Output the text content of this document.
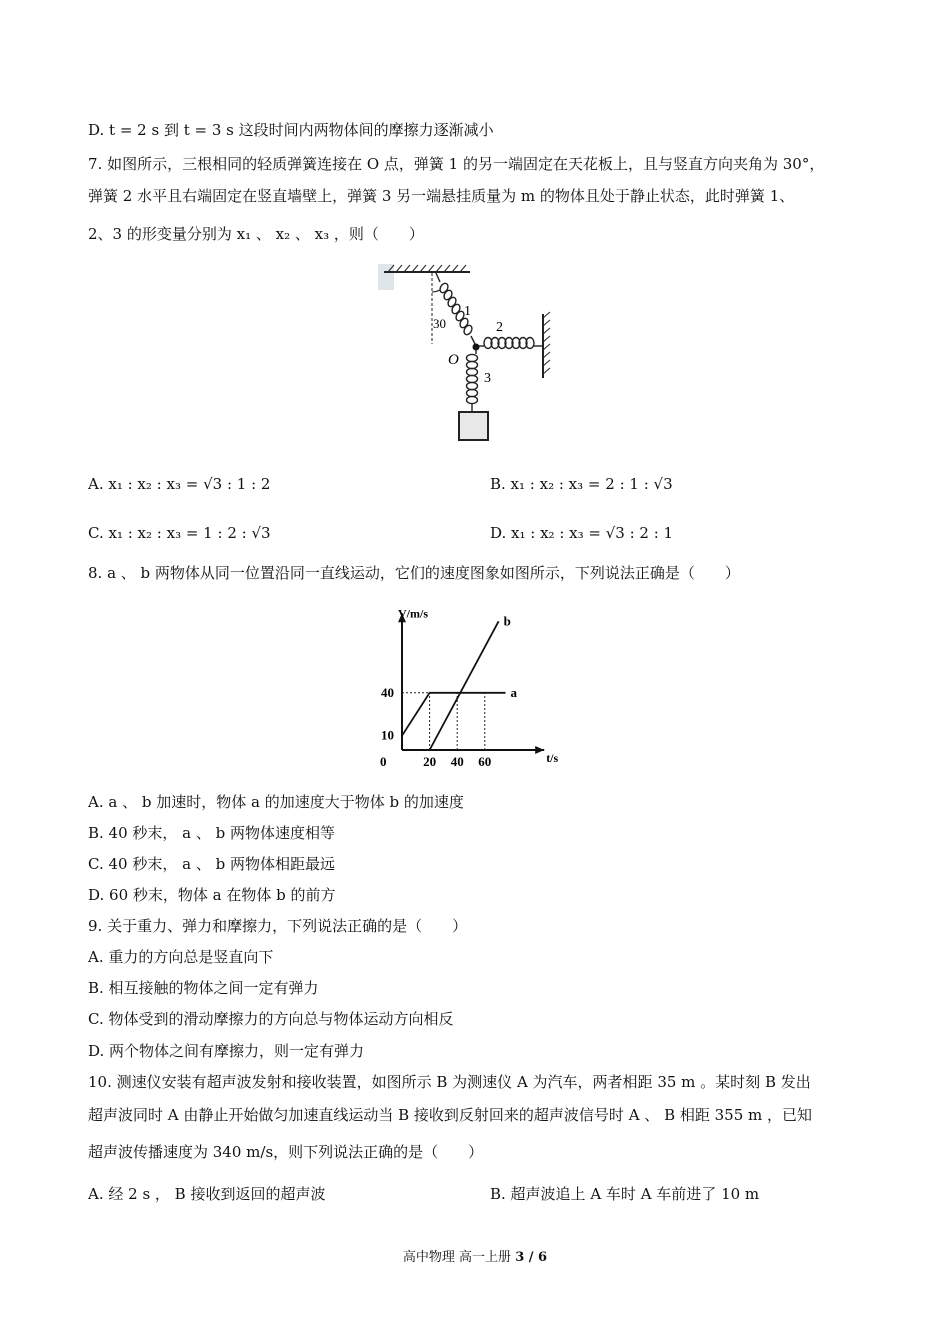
D. t = 2 s 到 t = 3 s 这段时间内两物体间的摩擦力逐渐减小
7. 如图所示，三根相同的轻质弹簧连接在 O 点，弹簧 1 的另一端固定在天花板上，且与竖直方向夹角为 30°，
弹簧 2 水平且右端固定在竖直墙壁上，弹簧 3 另一端悬挂质量为 m 的物体且处于静止状态，此时弹簧 1、
2、3 的形变量分别为 x₁ 、 x₂ 、 x₃ ，则（　　）
30
1
2
O
3
A. x₁ : x₂ : x₃ = √3 : 1 : 2	B. x₁ : x₂ : x₃ = 2 : 1 : √3
C. x₁ : x₂ : x₃ = 1 : 2 : √3	D. x₁ : x₂ : x₃ = √3 : 2 : 1
8. a 、 b 两物体从同一位置沿同一直线运动，它们的速度图象如图所示，下列说法正确是（　　）
V/m/s
t/s
0	20 40 60
10
40	a
b
A. a 、 b 加速时，物体 a 的加速度大于物体 b 的加速度
B. 40 秒末， a 、 b 两物体速度相等
C. 40 秒末， a 、 b 两物体相距最远
D. 60 秒末，物体 a 在物体 b 的前方
9. 关于重力、弹力和摩擦力，下列说法正确的是（　　）
A. 重力的方向总是竖直向下
B. 相互接触的物体之间一定有弹力
C. 物体受到的滑动摩擦力的方向总与物体运动方向相反
D. 两个物体之间有摩擦力，则一定有弹力
10. 测速仪安装有超声波发射和接收装置，如图所示 B 为测速仪 A 为汽车，两者相距 35 m 。某时刻 B 发出
超声波同时 A 由静止开始做匀加速直线运动当 B 接收到反射回来的超声波信号时 A 、 B 相距 355 m ，已知
超声波传播速度为 340 m/s，则下列说法正确的是（　　）
A. 经 2 s ， B 接收到返回的超声波	B. 超声波追上 A 车时 A 车前进了 10 m
高中物理 高一上册 3 / 6
